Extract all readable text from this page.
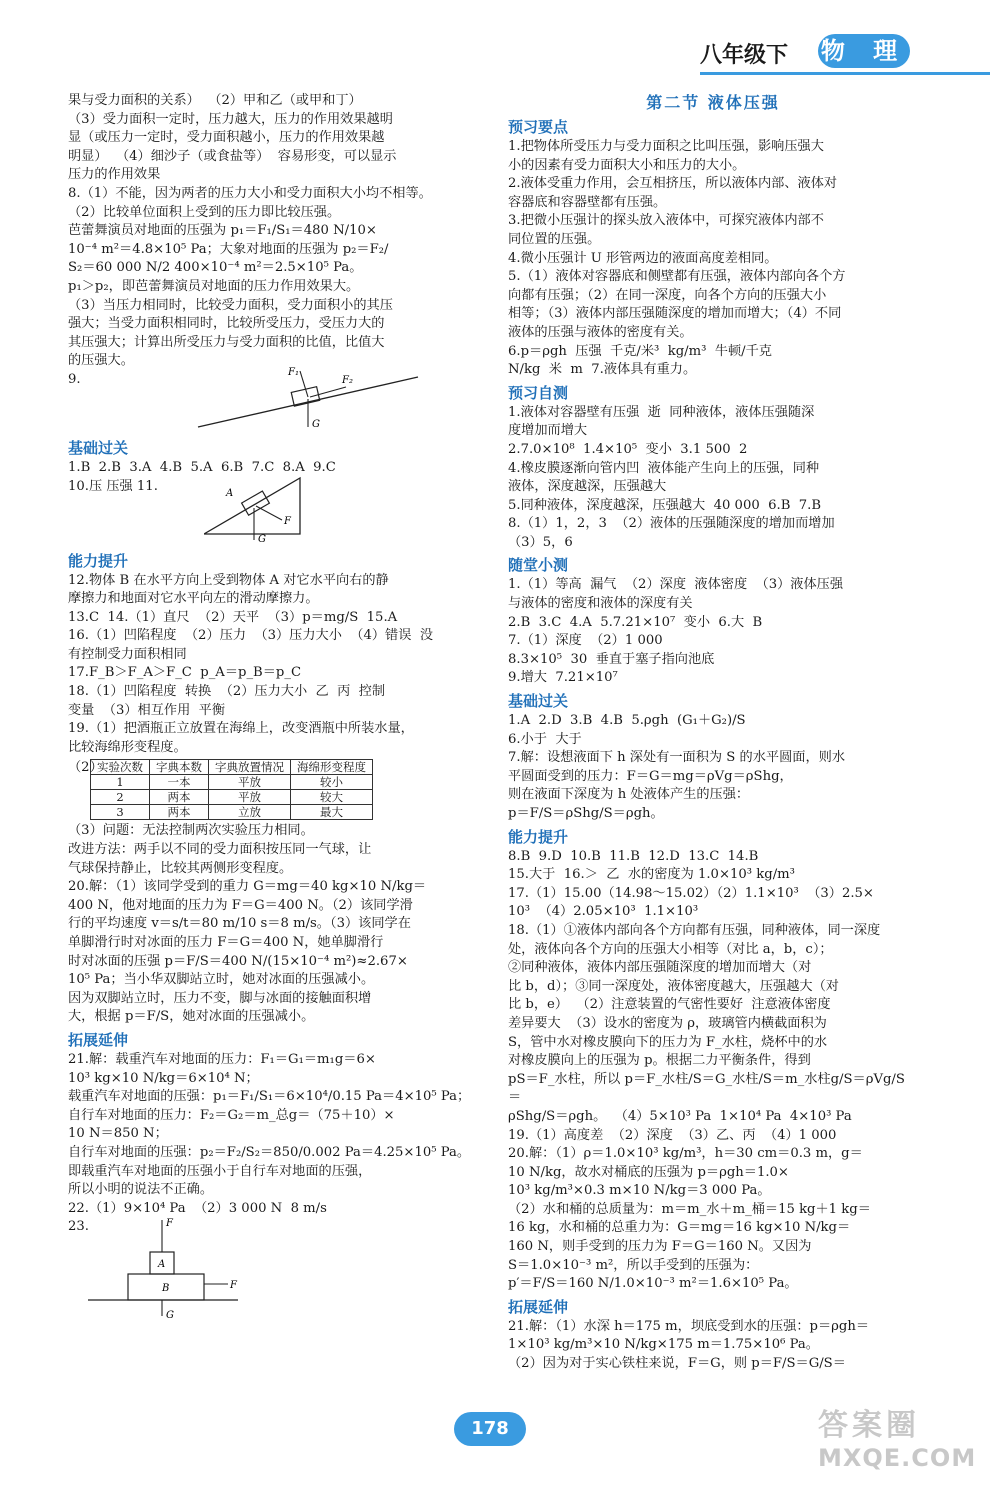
八年级下 物 理
果与受力面积的关系）  （2）甲和乙（或甲和丁）
（3）受力面积一定时，压力越大，压力的作用效果越明
显（或压力一定时，受力面积越小，压力的作用效果越
明显）  （4）细沙子（或食盐等）  容易形变，可以显示
压力的作用效果
8.（1）不能，因为两者的压力大小和受力面积大小均不相等。
（2）比较单位面积上受到的压力即比较压强。
芭蕾舞演员对地面的压强为 p₁＝F₁/S₁＝480 N/10×
10⁻⁴ m²＝4.8×10⁵ Pa；大象对地面的压强为 p₂＝F₂/
S₂＝60 000 N/2 400×10⁻⁴ m²＝2.5×10⁵ Pa。
p₁＞p₂，即芭蕾舞演员对地面的压力作用效果大。
（3）当压力相同时，比较受力面积，受力面积小的其压
强大；当受力面积相同时，比较所受压力，受压力大的
其压强大；计算出所受压力与受力面积的比值，比值大
的压强大。
9.	F₁
F₂
G
基础过关
1.B  2.B  3.A  4.B  5.A  6.B  7.C  8.A  9.C
10.压 压强 11.	A
F
G
能力提升
12.物体 B 在水平方向上受到物体 A 对它水平向右的静
摩擦力和地面对它水平向左的滑动摩擦力。
13.C  14.（1）直尺  （2）天平  （3）p＝mg/S  15.A
16.（1）凹陷程度  （2）压力  （3）压力大小  （4）错误  没
有控制受力面积相同
17.F_B＞F_A＞F_C  p_A＝p_B＝p_C
18.（1）凹陷程度  转换  （2）压力大小  乙  丙  控制
变量  （3）相互作用  平衡
19.（1）把酒瓶正立放置在海绵上，改变酒瓶中所装水量，
比较海绵形变程度。
（2）
实验次数	字典本数	字典放置情况	海绵形变程度
1	一本	平放	较小
2	两本	平放	较大
3	两本	立放	最大
（3）问题：无法控制两次实验压力相同。
改进方法：两手以不同的受力面积按压同一气球，让
气球保持静止，比较其两侧形变程度。
20.解：（1）该同学受到的重力 G＝mg＝40 kg×10 N/kg＝
400 N，他对地面的压力为 F＝G＝400 N。（2）该同学滑
行的平均速度 v＝s/t＝80 m/10 s＝8 m/s。（3）该同学在
单脚滑行时对冰面的压力 F＝G＝400 N，她单脚滑行
时对冰面的压强 p＝F/S＝400 N/(15×10⁻⁴ m²)≈2.67×
10⁵ Pa；当小华双脚站立时，她对冰面的压强减小。
因为双脚站立时，压力不变，脚与冰面的接触面积增
大，根据 p＝F/S，她对冰面的压强减小。
拓展延伸
21.解：载重汽车对地面的压力：F₁＝G₁＝m₁g＝6×
10³ kg×10 N/kg＝6×10⁴ N；
载重汽车对地面的压强：p₁＝F₁/S₁＝6×10⁴/0.15 Pa＝4×10⁵ Pa；
自行车对地面的压力：F₂＝G₂＝m_总g＝（75＋10）×
10 N＝850 N；
自行车对地面的压强：p₂＝F₂/S₂＝850/0.002 Pa＝4.25×10⁵ Pa。
即载重汽车对地面的压强小于自行车对地面的压强，
所以小明的说法不正确。
22.（1）9×10⁴ Pa  （2）3 000 N  8 m/s
23.	F
A
B	F
G
第二节 液体压强
预习要点
1.把物体所受压力与受力面积之比叫压强，影响压强大
小的因素有受力面积大小和压力的大小。
2.液体受重力作用，会互相挤压，所以液体内部、液体对
容器底和容器壁都有压强。
3.把微小压强计的探头放入液体中，可探究液体内部不
同位置的压强。
4.微小压强计 U 形管两边的液面高度差相同。
5.（1）液体对容器底和侧壁都有压强，液体内部向各个方
向都有压强；（2）在同一深度，向各个方向的压强大小
相等；（3）液体内部压强随深度的增加而增大；（4）不同
液体的压强与液体的密度有关。
6.p＝ρgh  压强  千克/米³  kg/m³  牛顿/千克
N/kg  米  m  7.液体具有重力。
预习自测
1.液体对容器壁有压强  逝  同种液体，液体压强随深
度增加而增大
2.7.0×10⁸  1.4×10⁵  变小  3.1 500  2
4.橡皮膜逐渐向管内凹  液体能产生向上的压强，同种
液体，深度越深，压强越大
5.同种液体，深度越深，压强越大  40 000  6.B  7.B
8.（1）1，2，3  （2）液体的压强随深度的增加而增加
（3）5，6
随堂小测
1.（1）等高  漏气  （2）深度  液体密度  （3）液体压强
与液体的密度和液体的深度有关
2.B  3.C  4.A  5.7.21×10⁷  变小  6.大  B
7.（1）深度  （2）1 000
8.3×10⁵  30  垂直于塞子指向池底
9.增大  7.21×10⁷
基础过关
1.A  2.D  3.B  4.B  5.ρgh  (G₁＋G₂)/S
6.小于  大于
7.解：设想液面下 h 深处有一面积为 S 的水平圆面，则水
平圆面受到的压力：F＝G＝mg＝ρVg＝ρShg，
则在液面下深度为 h 处液体产生的压强：
p＝F/S＝ρShg/S＝ρgh。
能力提升
8.B  9.D  10.B  11.B  12.D  13.C  14.B
15.大于  16.＞  乙  水的密度为 1.0×10³ kg/m³
17.（1）15.00（14.98～15.02）（2）1.1×10³  （3）2.5×
10³  （4）2.05×10³  1.1×10³
18.（1）①液体内部向各个方向都有压强，同种液体，同一深度
处，液体向各个方向的压强大小相等（对比 a，b，c）；
②同种液体，液体内部压强随深度的增加而增大（对
比 b，d）；③同一深度处，液体密度越大，压强越大（对
比 b，e）  （2）注意装置的气密性要好  注意液体密度
差异要大  （3）设水的密度为 ρ，玻璃管内横截面积为
S，管中水对橡皮膜向下的压力为 F_水柱，烧杯中的水
对橡皮膜向上的压强为 p。根据二力平衡条件，得到
pS＝F_水柱，所以 p＝F_水柱/S＝G_水柱/S＝m_水柱g/S＝ρVg/S＝
ρShg/S＝ρgh。  （4）5×10³ Pa  1×10⁴ Pa  4×10³ Pa
19.（1）高度差  （2）深度  （3）乙、丙  （4）1 000
20.解：（1）ρ＝1.0×10³ kg/m³，h＝30 cm＝0.3 m，g＝
10 N/kg，故水对桶底的压强为 p＝ρgh＝1.0×
10³ kg/m³×0.3 m×10 N/kg＝3 000 Pa。
（2）水和桶的总质量为：m＝m_水＋m_桶＝15 kg＋1 kg＝
16 kg，水和桶的总重力为：G＝mg＝16 kg×10 N/kg＝
160 N，则手受到的压力为 F＝G＝160 N。又因为
S＝1.0×10⁻³ m²，所以手受到的压强为：
p′＝F/S＝160 N/1.0×10⁻³ m²＝1.6×10⁵ Pa。
拓展延伸
21.解：（1）水深 h＝175 m，坝底受到水的压强：p＝ρgh＝
1×10³ kg/m³×10 N/kg×175 m＝1.75×10⁶ Pa。
（2）因为对于实心铁柱来说，F＝G，则 p＝F/S＝G/S＝
178	答案圈
MXQE.COM
